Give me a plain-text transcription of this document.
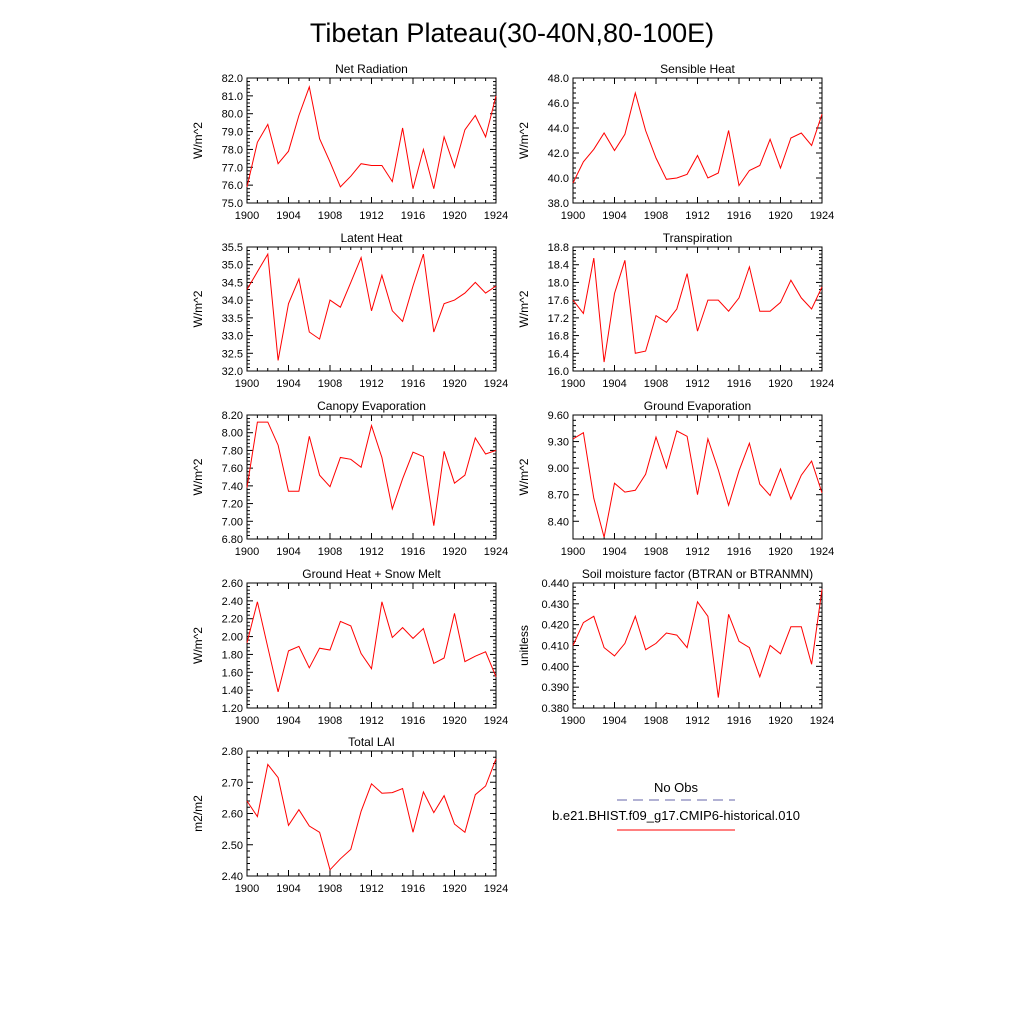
Tibetan Plateau(30-40N,80-100E)
Net Radiation
W/m^2
75.0
76.0
77.0
78.0
79.0
80.0
81.0
82.0
1900 1904 1908 1912 1916 1920 1924
Sensible Heat
W/m^2
38.0
40.0
42.0
44.0
46.0
48.0
1900 1904 1908 1912 1916 1920 1924
Latent Heat
W/m^2
32.0
32.5
33.0
33.5
34.0
34.5
35.0
35.5
1900 1904 1908 1912 1916 1920 1924
Transpiration
W/m^2
16.0
16.4
16.8
17.2
17.6
18.0
18.4
18.8
1900 1904 1908 1912 1916 1920 1924
Canopy Evaporation
W/m^2
6.80
7.00
7.20
7.40
7.60
7.80
8.00
8.20
1900 1904 1908 1912 1916 1920 1924
Ground Evaporation
W/m^2
8.40
8.70
9.00
9.30
9.60
1900 1904 1908 1912 1916 1920 1924
Ground Heat + Snow Melt
W/m^2
1.20
1.40
1.60
1.80
2.00
2.20
2.40
2.60
1900 1904 1908 1912 1916 1920 1924
Soil moisture factor (BTRAN or BTRANMN)
unitless
0.380
0.390
0.400
0.410
0.420
0.430
0.440
1900 1904 1908 1912 1916 1920 1924
Total LAI
m2/m2
2.40
2.50
2.60
2.70
2.80
1900 1904 1908 1912 1916 1920 1924
No Obs
b.e21.BHIST.f09_g17.CMIP6-historical.010
